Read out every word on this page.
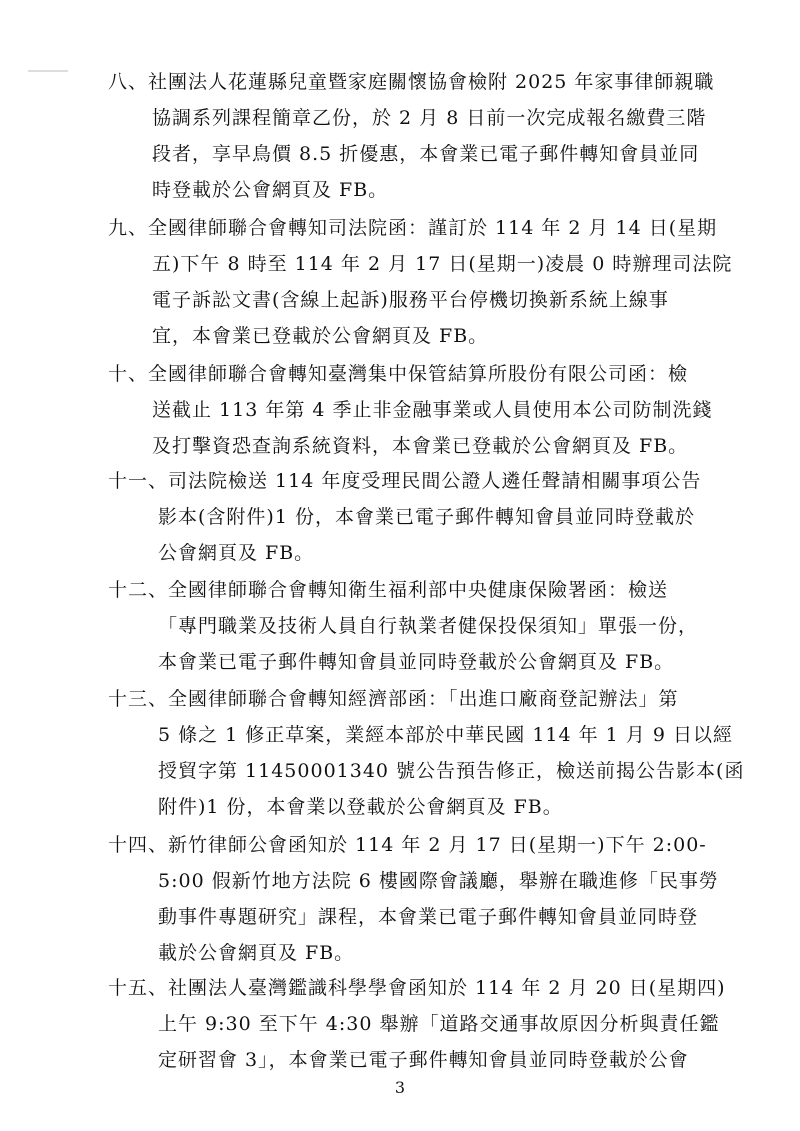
八、社團法人花蓮縣兒童暨家庭關懷協會檢附 2025 年家事律師親職
協調系列課程簡章乙份，於 2 月 8 日前一次完成報名繳費三階
段者，享早鳥價 8.5 折優惠，本會業已電子郵件轉知會員並同
時登載於公會網頁及 FB。
九、全國律師聯合會轉知司法院函：謹訂於 114 年 2 月 14 日(星期
五)下午 8 時至 114 年 2 月 17 日(星期一)凌晨 0 時辦理司法院
電子訴訟文書(含線上起訴)服務平台停機切換新系統上線事
宜，本會業已登載於公會網頁及 FB。
十、全國律師聯合會轉知臺灣集中保管結算所股份有限公司函：檢
送截止 113 年第 4 季止非金融事業或人員使用本公司防制洗錢
及打擊資恐查詢系統資料，本會業已登載於公會網頁及 FB。
十一、司法院檢送 114 年度受理民間公證人遴任聲請相關事項公告
影本(含附件)1 份，本會業已電子郵件轉知會員並同時登載於
公會網頁及 FB。
十二、全國律師聯合會轉知衛生福利部中央健康保險署函：檢送
「專門職業及技術人員自行執業者健保投保須知」單張一份，
本會業已電子郵件轉知會員並同時登載於公會網頁及 FB。
十三、全國律師聯合會轉知經濟部函：「出進口廠商登記辦法」第
5 條之 1 修正草案，業經本部於中華民國 114 年 1 月 9 日以經
授貿字第 11450001340 號公告預告修正，檢送前揭公告影本(函
附件)1 份，本會業以登載於公會網頁及 FB。
十四、新竹律師公會函知於 114 年 2 月 17 日(星期一)下午 2:00-
5:00 假新竹地方法院 6 樓國際會議廳，舉辦在職進修「民事勞
動事件專題研究」課程，本會業已電子郵件轉知會員並同時登
載於公會網頁及 FB。
十五、社團法人臺灣鑑識科學學會函知於 114 年 2 月 20 日(星期四)
上午 9:30 至下午 4:30 舉辦「道路交通事故原因分析與責任鑑
定研習會 3」，本會業已電子郵件轉知會員並同時登載於公會
3
